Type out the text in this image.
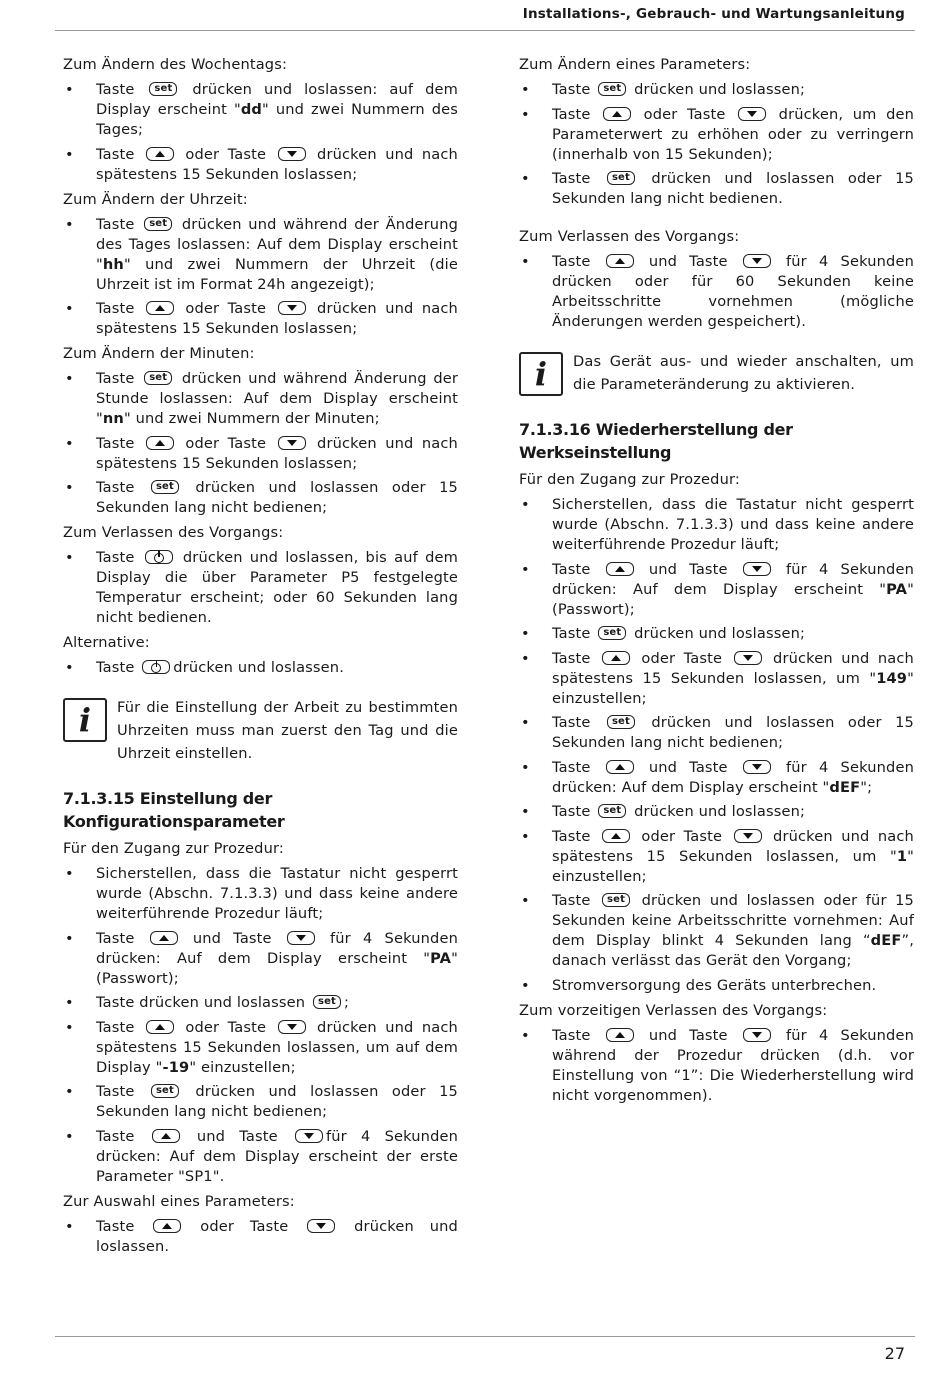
Installations-, Gebrauch- und Wartungsanleitung

Zum Ändern des Wochentags:

• Taste set	drücken und loslassen: auf dem Display erscheint "dd" und zwei Nummern des Tages;
• Taste	oder Taste	drücken und nach spätestens 15 Sekunden loslassen;

Zum Ändern der Uhrzeit:

• Taste set	drücken und während der Änderung des Tages loslassen: Auf dem Display erscheint "hh" und zwei Nummern der Uhrzeit (die Uhrzeit ist im Format 24h angezeigt);
• Taste	oder Taste	drücken und nach spätestens 15 Sekunden loslassen;

Zum Ändern der Minuten:

• Taste set	drücken und während Änderung der Stunde loslassen: Auf dem Display erscheint "nn" und zwei Nummern der Minuten;
• Taste	oder Taste	drücken und nach spätestens 15 Sekunden loslassen;
• Taste set	drücken und loslassen oder 15 Sekunden lang nicht bedienen;

Zum Verlassen des Vorgangs:

• Taste	drücken und loslassen, bis auf dem Display die über Parameter P5 festgelegte Temperatur erscheint; oder 60 Sekunden lang nicht bedienen.

Alternative:

• Taste	drücken und loslassen.
i Für die Einstellung der Arbeit zu bestimmten Uhrzeiten muss man zuerst den Tag und die Uhrzeit einstellen.
7.1.3.15 Einstellung der Konfigurationsparameter

Für den Zugang zur Prozedur:

• Sicherstellen, dass die Tastatur nicht gesperrt wurde (Abschn. 7.1.3.3) und dass keine andere weiterführende Prozedur läuft;
• Taste	und Taste	für 4 Sekunden drücken: Auf dem Display erscheint "PA" (Passwort);
• Taste drücken und loslassen set	;
• Taste	oder Taste	drücken und nach spätestens 15 Sekunden loslassen, um auf dem Display "-19" einzustellen;
• Taste set	drücken und loslassen oder 15 Sekunden lang nicht bedienen;
• Taste	und Taste	für 4 Sekunden drücken: Auf dem Display erscheint der erste Parameter "SP1".

Zur Auswahl eines Parameters:

• Taste	oder Taste	drücken und loslassen.

Zum Ändern eines Parameters:

• Taste set	drücken und loslassen;
• Taste	oder Taste	drücken, um den Parameterwert zu erhöhen oder zu verringern (innerhalb von 15 Sekunden);
• Taste set	drücken und loslassen oder 15 Sekunden lang nicht bedienen.

Zum Verlassen des Vorgangs:

• Taste	und Taste	für 4 Sekunden drücken oder für 60 Sekunden keine Arbeitsschritte vornehmen (mögliche Änderungen werden gespeichert).
i Das Gerät aus- und wieder anschalten, um die Parameteränderung zu aktivieren.
7.1.3.16 Wiederherstellung der Werkseinstellung

Für den Zugang zur Prozedur:

• Sicherstellen, dass die Tastatur nicht gesperrt wurde (Abschn. 7.1.3.3) und dass keine andere weiterführende Prozedur läuft;
• Taste	und Taste	für 4 Sekunden drücken: Auf dem Display erscheint "PA" (Passwort);
• Taste set	drücken und loslassen;
• Taste	oder Taste	drücken und nach spätestens 15 Sekunden loslassen, um "149" einzustellen;
• Taste set	drücken und loslassen oder 15 Sekunden lang nicht bedienen;
• Taste	und Taste	für 4 Sekunden drücken: Auf dem Display erscheint "dEF";
• Taste set	drücken und loslassen;
• Taste	oder Taste	drücken und nach spätestens 15 Sekunden loslassen, um "1" einzustellen;
• Taste set	drücken und loslassen oder für 15 Sekunden keine Arbeitsschritte vornehmen: Auf dem Display blinkt 4 Sekunden lang “dEF”, danach verlässt das Gerät den Vorgang;
• Stromversorgung des Geräts unterbrechen.

Zum vorzeitigen Verlassen des Vorgangs:

• Taste	und Taste	für 4 Sekunden während der Prozedur drücken (d.h. vor Einstellung von “1”: Die Wiederherstellung wird nicht vorgenommen).
27
